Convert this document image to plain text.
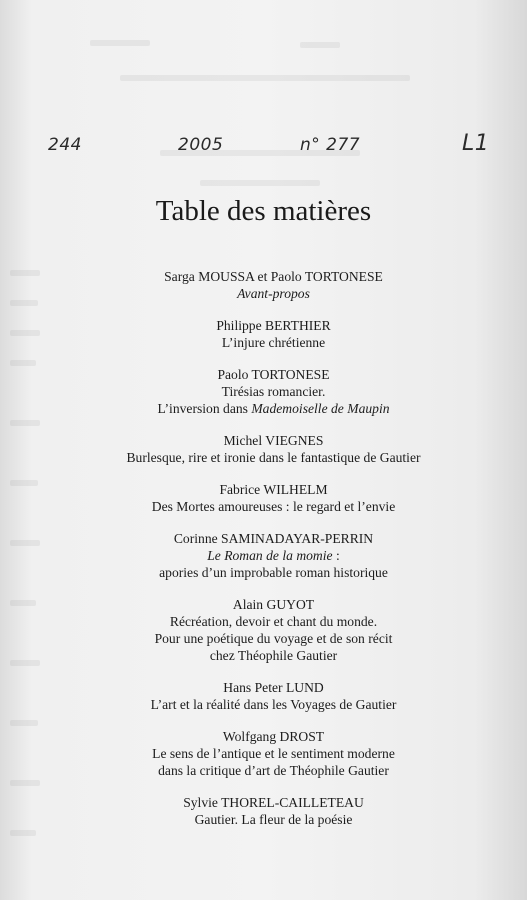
244	2005	n° 277	L1
Table des matières
Sarga MOUSSA et Paolo TORTONESE
Avant-propos
Philippe BERTHIER
L’injure chrétienne
Paolo TORTONESE
Tirésias romancier.
L’inversion dans Mademoiselle de Maupin
Michel VIEGNES
Burlesque, rire et ironie dans le fantastique de Gautier
Fabrice WILHELM
Des Mortes amoureuses : le regard et l’envie
Corinne SAMINADAYAR-PERRIN
Le Roman de la momie :
apories d’un improbable roman historique
Alain GUYOT
Récréation, devoir et chant du monde.
Pour une poétique du voyage et de son récit
chez Théophile Gautier
Hans Peter LUND
L’art et la réalité dans les Voyages de Gautier
Wolfgang DROST
Le sens de l’antique et le sentiment moderne
dans la critique d’art de Théophile Gautier
Sylvie THOREL-CAILLETEAU
Gautier. La fleur de la poésie
